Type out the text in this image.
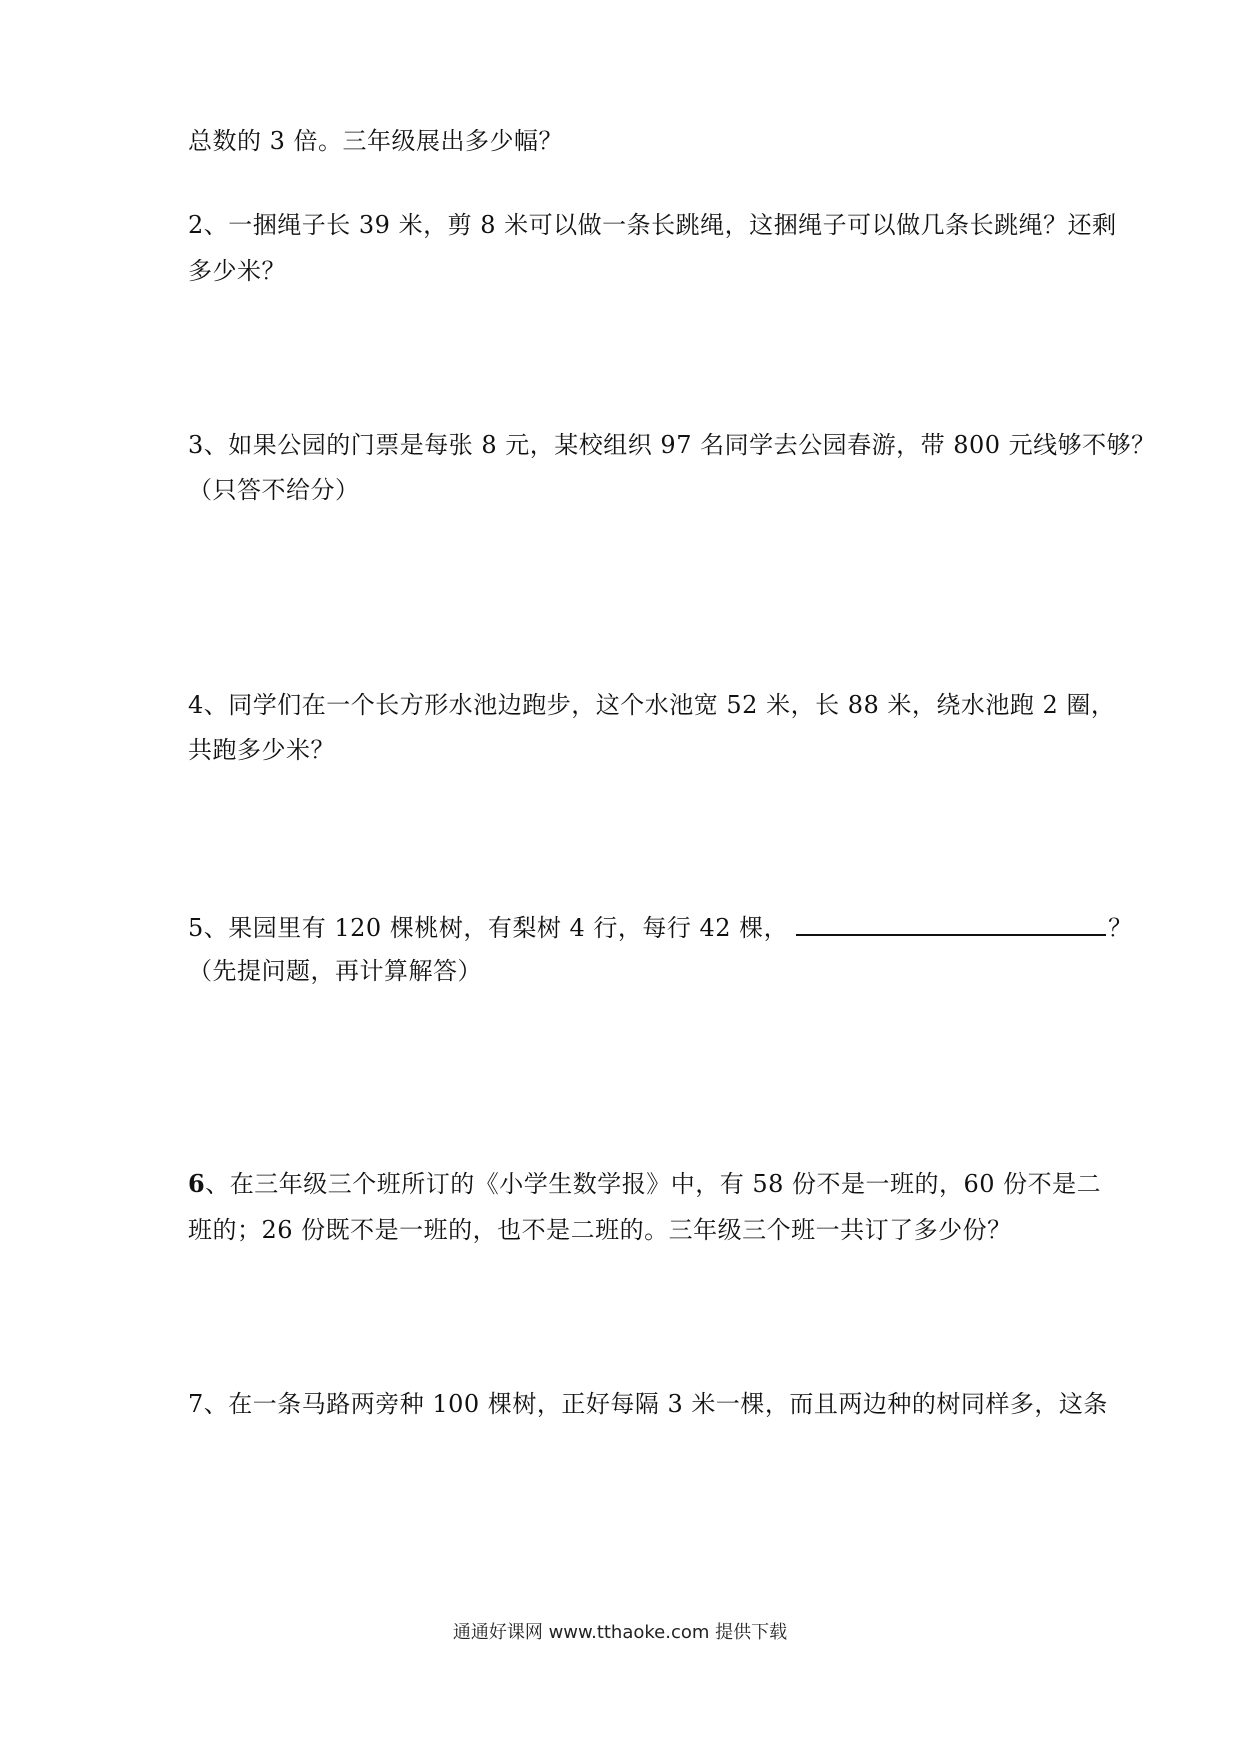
总数的 3 倍。三年级展出多少幅？
2、一捆绳子长 39 米，剪 8 米可以做一条长跳绳，这捆绳子可以做几条长跳绳？还剩
多少米？
3、如果公园的门票是每张 8 元，某校组织 97 名同学去公园春游，带 800 元线够不够？
（只答不给分）
4、同学们在一个长方形水池边跑步，这个水池宽 52 米，长 88 米，绕水池跑 2 圈，
共跑多少米？
5、果园里有 120 棵桃树，有梨树 4 行，每行 42 棵，	？
（先提问题，再计算解答）
6、在三年级三个班所订的《小学生数学报》中，有 58 份不是一班的，60 份不是二
班的；26 份既不是一班的，也不是二班的。三年级三个班一共订了多少份？
7、在一条马路两旁种 100 棵树，正好每隔 3 米一棵，而且两边种的树同样多，这条
通通好课网 www.tthaoke.com 提供下载
